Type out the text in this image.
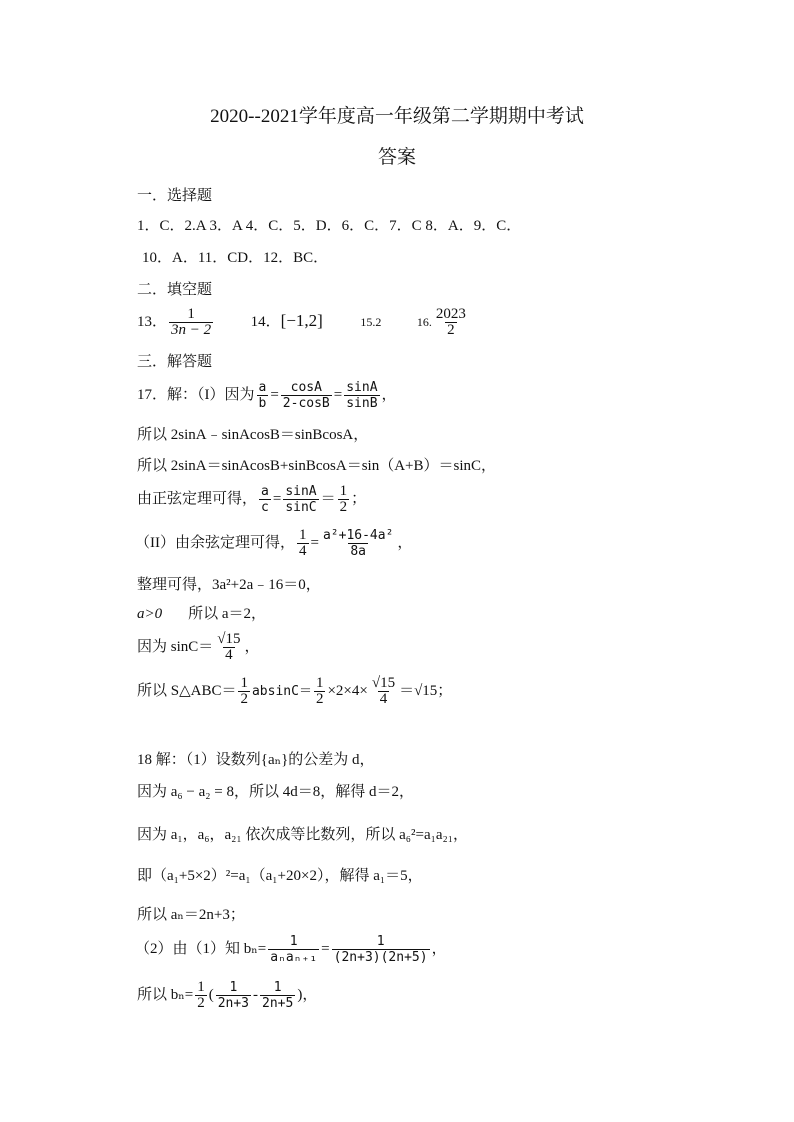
2020--2021学年度高一年级第二学期期中考试
答案
一．选择题
1．C．2.A 3．A 4．C．5．D．6．C．7．C 8．A．9．C．
10．A．11．CD．12．BC．
二．填空题
13． $\frac{1}{3n - 2}$	14．[−1,2]	15.2	16. $\frac{2023}{2}$
三．解答题
17．解：（I）因为 $\frac{a}{b} = \frac{\cos A}{2-\cos B} = \frac{\sin A}{\sin B}$ ，
所以 2sinA﹣sinAcosB＝sinBcosA，
所以 2sinA＝sinAcosB+sinBcosA＝sin（A+B）＝sinC，
由正弦定理可得， $\frac{a}{c} = \frac{\sin A}{\sin C} = \frac{1}{2}$ ；
（II）由余弦定理可得， $\frac{1}{4} = \frac{\text{a²+16-4a²}}{8a}$ ，
整理可得，3a²+2a﹣16＝0，
a>0 所以 a＝2，
因为 $\sin C= \frac{√15}{4}$ ，
所以 S△ABC＝ $\frac{1}{2} absinC= \frac{1}{2} \times 2\times 4\times \frac{√15}{4} =√15$；
18 解：（1）设数列{aₙ}的公差为 d，
因为 a₆ − a₂ = 8，所以 4d＝8，解得 d＝2，
因为 a₁，a₆，a₂₁ 依次成等比数列，所以 a₆²=a₁a₂₁，
即（a₁+5×2）²=a₁（a₁+20×2），解得 a₁＝5，
所以 aₙ＝2n+3；
（2）由（1）知 $b_n= \frac{1}{\text{aₙaₙ₊₁}} = \frac{1}{(2n+3)(2n+5)}$ ，
所以 $b_n= \frac{1}{2}$ ( $\frac{1}{2n+3} - \frac{1}{2n+5}$ )，
